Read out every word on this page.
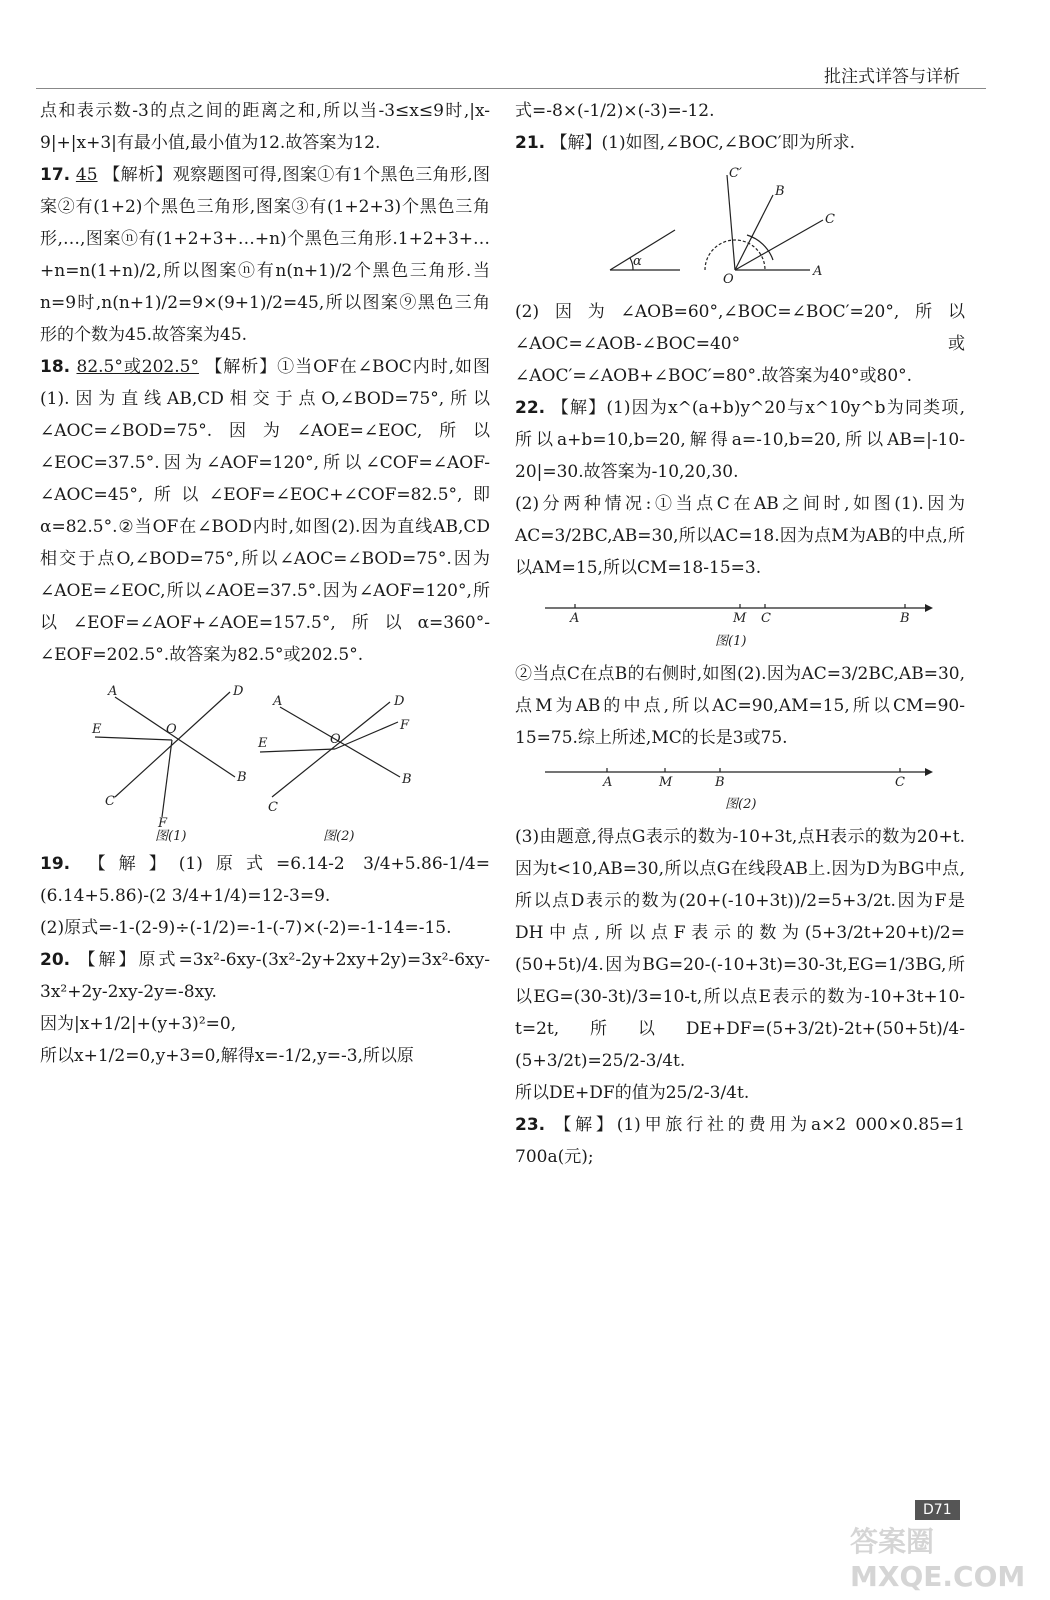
批注式详答与详析

点和表示数-3的点之间的距离之和,所以当-3≤x≤9时,|x-9|+|x+3|有最小值,最小值为12.故答案为12.

17. 45 【解析】观察题图可得,图案①有1个黑色三角形,图案②有(1+2)个黑色三角形,图案③有(1+2+3)个黑色三角形,…,图案ⓝ有(1+2+3+…+n)个黑色三角形.1+2+3+…+n=n(1+n)/2,所以图案ⓝ有n(n+1)/2个黑色三角形.当n=9时,n(n+1)/2=9×(9+1)/2=45,所以图案⑨黑色三角形的个数为45.故答案为45.

18. 82.5°或202.5° 【解析】①当OF在∠BOC内时,如图(1).因为直线AB,CD相交于点O,∠BOD=75°,所以∠AOC=∠BOD=75°.因为∠AOE=∠EOC,所以∠EOC=37.5°.因为∠AOF=120°,所以∠COF=∠AOF-∠AOC=45°,所以∠EOF=∠EOC+∠COF=82.5°,即α=82.5°.②当OF在∠BOD内时,如图(2).因为直线AB,CD相交于点O,∠BOD=75°,所以∠AOC=∠BOD=75°.因为∠AOE=∠EOC,所以∠AOE=37.5°.因为∠AOF=120°,所以∠EOF=∠AOF+∠AOE=157.5°,所以α=360°-∠EOF=202.5°.故答案为82.5°或202.5°.

A	D
E	O
B
C
F
图(1)
A	D
F
E	O
B
C
图(2)

19. 【解】(1)原式=6.14-2 3/4+5.86-1/4=(6.14+5.86)-(2 3/4+1/4)=12-3=9.

(2)原式=-1-(2-9)÷(-1/2)=-1-(-7)×(-2)=-1-14=-15.

20. 【解】原式=3x²-6xy-(3x²-2y+2xy+2y)=3x²-6xy-3x²+2y-2xy-2y=-8xy.

因为|x+1/2|+(y+3)²=0,

所以x+1/2=0,y+3=0,解得x=-1/2,y=-3,所以原

式=-8×(-1/2)×(-3)=-12.

21. 【解】(1)如图,∠BOC,∠BOC′即为所求.

α
O
A
B
C
C′

(2)因为∠AOB=60°,∠BOC=∠BOC′=20°,所以∠AOC=∠AOB-∠BOC=40°或∠AOC′=∠AOB+∠BOC′=80°.故答案为40°或80°.

22. 【解】(1)因为x^(a+b)y^20与x^10y^b为同类项,所以a+b=10,b=20,解得a=-10,b=20,所以AB=|-10-20|=30.故答案为-10,20,30.

(2)分两种情况:①当点C在AB之间时,如图(1).因为AC=3/2BC,AB=30,所以AC=18.因为点M为AB的中点,所以AM=15,所以CM=18-15=3.

A	M C	B
图(1)

②当点C在点B的右侧时,如图(2).因为AC=3/2BC,AB=30,点M为AB的中点,所以AC=90,AM=15,所以CM=90-15=75.综上所述,MC的长是3或75.

A	M	B	C
图(2)

(3)由题意,得点G表示的数为-10+3t,点H表示的数为20+t.因为t<10,AB=30,所以点G在线段AB上.因为D为BG中点,所以点D表示的数为(20+(-10+3t))/2=5+3/2t.因为F是DH中点,所以点F表示的数为(5+3/2t+20+t)/2=(50+5t)/4.因为BG=20-(-10+3t)=30-3t,EG=1/3BG,所以EG=(30-3t)/3=10-t,所以点E表示的数为-10+3t+10-t=2t,所以DE+DF=(5+3/2t)-2t+(50+5t)/4-(5+3/2t)=25/2-3/4t.

所以DE+DF的值为25/2-3/4t.

23. 【解】(1)甲旅行社的费用为a×2 000×0.85=1 700a(元);

D71
答案圈 MXQE.COM
